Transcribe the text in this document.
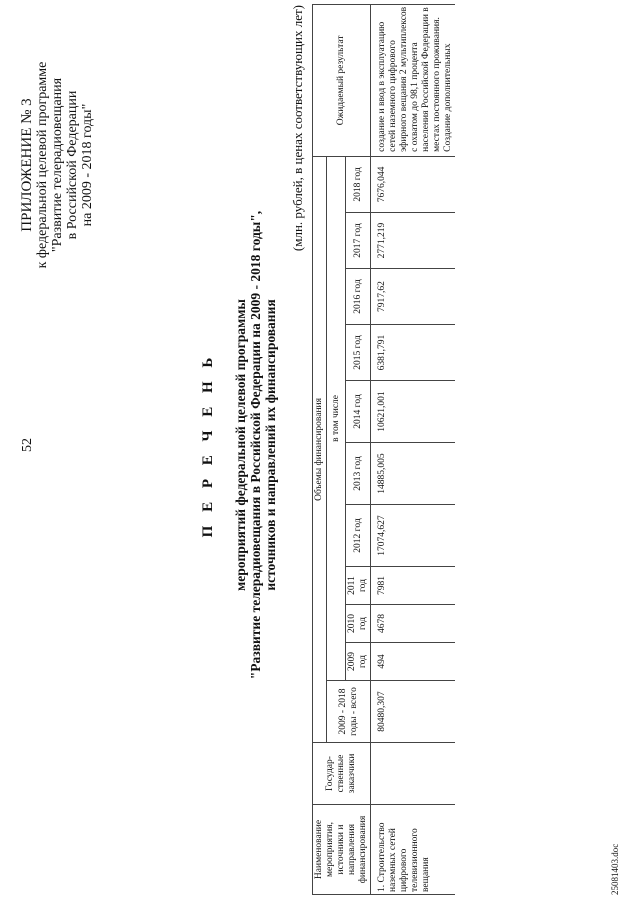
52
ПРИЛОЖЕНИЕ № 3 к федеральной целевой программе "Развитие телерадиовещания в Российской Федерации на 2009 - 2018 годы"
П Е Р Е Ч Е Н Ь мероприятий федеральной целевой программы "Развитие телерадиовещания в Российской Федерации на 2009 - 2018 годы", источников и направлений их финансирования
(млн. рублей, в ценах соответствующих лет)
Наименование мероприятия, источники и направления финансирования	Государ-ственные заказчики	Объемы финансирования											Ожидаемый результат
		2009 - 2018 годы - всего	в том числе										
			2009 год	2010 год	2011 год	2012 год	2013 год	2014 год	2015 год	2016 год	2017 год	2018 год	
1. Строительство наземных сетей цифрового телевизионного вещания		80480,307	494	4678	7981	17074,627	14885,005	10621,001	6381,791	7917,62	2771,219	7676,044	создание и ввод в эксплуатацию сетей наземного цифрового эфирного вещания 2 мультиплексов с охватом до 98,1 процента населения Российской Федерации в местах постоянного проживания. Создание дополнительных
25081403.doc
